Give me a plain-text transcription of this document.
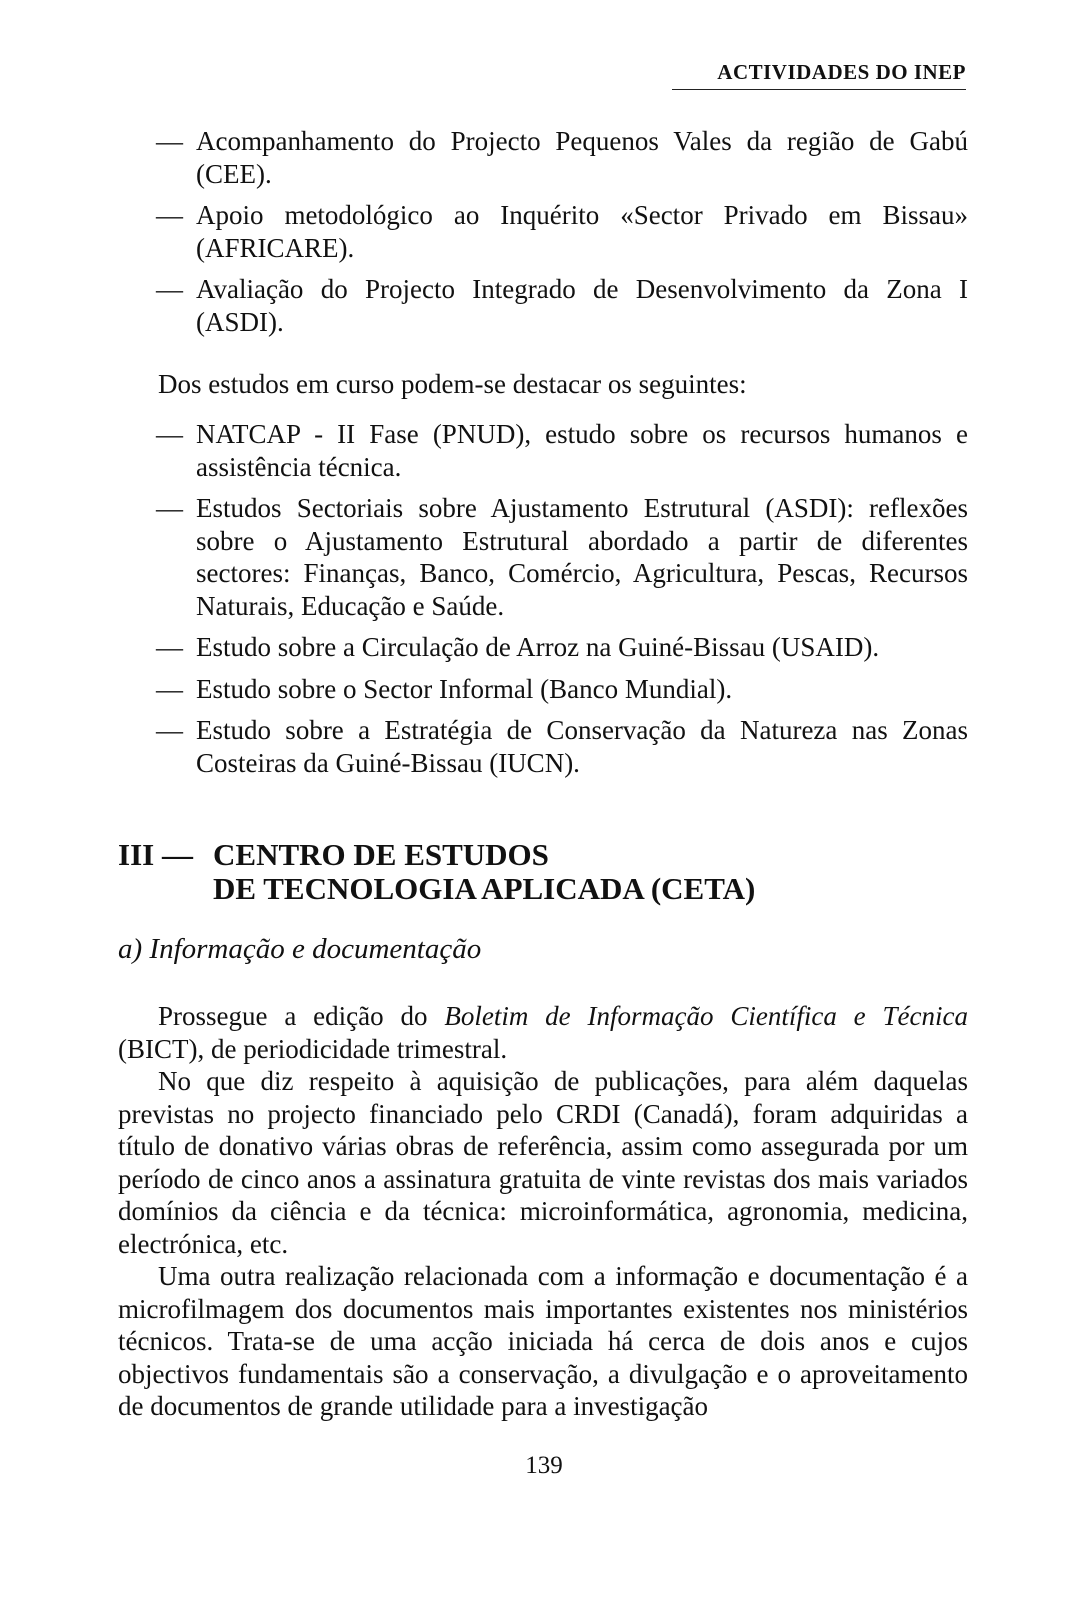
ACTIVIDADES DO INEP
— Acompanhamento do Projecto Pequenos Vales da região de Gabú (CEE).
— Apoio metodológico ao Inquérito «Sector Privado em Bissau» (AFRICARE).
— Avaliação do Projecto Integrado de Desenvolvimento da Zona I (ASDI).
Dos estudos em curso podem-se destacar os seguintes:
— NATCAP - II Fase (PNUD), estudo sobre os recursos humanos e assistência técnica.
— Estudos Sectoriais sobre Ajustamento Estrutural (ASDI): reflexões sobre o Ajustamento Estrutural abordado a partir de diferentes sectores: Finanças, Banco, Comércio, Agricultura, Pescas, Recursos Naturais, Educação e Saúde.
— Estudo sobre a Circulação de Arroz na Guiné-Bissau (USAID).
— Estudo sobre o Sector Informal (Banco Mundial).
— Estudo sobre a Estratégia de Conservação da Natureza nas Zonas Costeiras da Guiné-Bissau (IUCN).
III — CENTRO DE ESTUDOS
DE TECNOLOGIA APLICADA (CETA)
a) Informação e documentação

Prossegue a edição do Boletim de Informação Científica e Técnica (BICT), de periodicidade trimestral.

No que diz respeito à aquisição de publicações, para além daquelas previstas no projecto financiado pelo CRDI (Canadá), foram adquiridas a título de donativo várias obras de referência, assim como assegurada por um período de cinco anos a assinatura gratuita de vinte revistas dos mais variados domínios da ciência e da técnica: microinformática, agronomia, medicina, electrónica, etc.

Uma outra realização relacionada com a informação e documentação é a microfilmagem dos documentos mais importantes existentes nos ministérios técnicos. Trata-se de uma acção iniciada há cerca de dois anos e cujos objectivos fundamentais são a conservação, a divulgação e o aproveitamento de documentos de grande utilidade para a investigação

139
